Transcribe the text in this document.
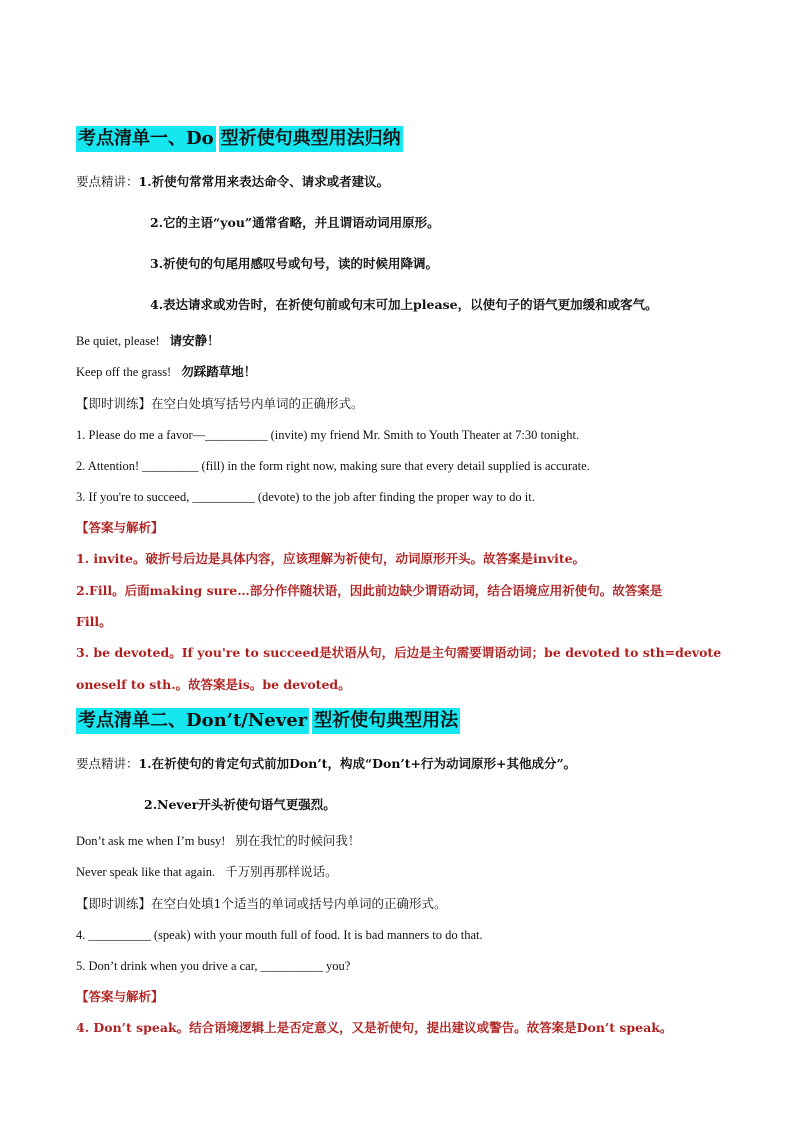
考点清单一、Do 型祈使句典型用法归纳
要点精讲：1.祈使句常常用来表达命令、请求或者建议。
2.它的主语“you”通常省略，并且谓语动词用原形。
3.祈使句的句尾用感叹号或句号，读的时候用降调。
4.表达请求或劝告时，在祈使句前或句末可加上please，以使句子的语气更加缓和或客气。
Be quiet, please! 请安静！
Keep off the grass! 勿踩踏草地！
【即时训练】在空白处填写括号内单词的正确形式。
1. Please do me a favor—__________ (invite) my friend Mr. Smith to Youth Theater at 7:30 tonight.
2. Attention! _________ (fill) in the form right now, making sure that every detail supplied is accurate.
3. If you're to succeed, __________ (devote) to the job after finding the proper way to do it.
【答案与解析】
1. invite。破折号后边是具体内容，应该理解为祈使句，动词原形开头。故答案是invite。
2.Fill。后面making sure…部分作伴随状语，因此前边缺少谓语动词，结合语境应用祈使句。故答案是
Fill。
3. be devoted。If you're to succeed是状语从句，后边是主句需要谓语动词；be devoted to sth=devote
oneself to sth.。故答案是is。be devoted。
考点清单二、Don’t/Never 型祈使句典型用法
要点精讲：1.在祈使句的肯定句式前加Don’t，构成“Don’t+行为动词原形+其他成分”。
2.Never开头祈使句语气更强烈。
Don’t ask me when I’m busy! 别在我忙的时候问我！
Never speak like that again. 千万别再那样说话。
【即时训练】在空白处填1个适当的单词或括号内单词的正确形式。
4. __________ (speak) with your mouth full of food. It is bad manners to do that.
5. Don’t drink when you drive a car, __________ you?
【答案与解析】
4. Don’t speak。结合语境逻辑上是否定意义，又是祈使句，提出建议或警告。故答案是Don’t speak。
